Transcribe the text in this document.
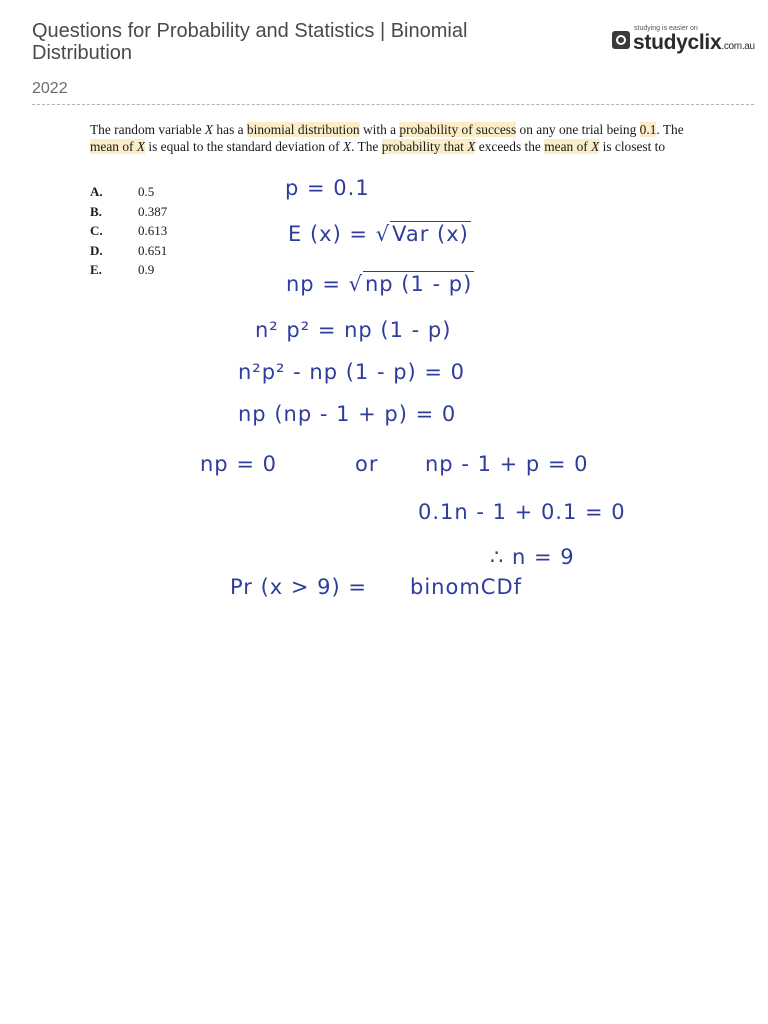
Questions for Probability and Statistics | Binomial Distribution
studying is easier on
studyclix.com.au
2022
The random variable X has a binomial distribution with a probability of success on any one trial being 0.1. The mean of X is equal to the standard deviation of X. The probability that X exceeds the mean of X is closest to
A.	0.5
B.	0.387
C.	0.613
D.	0.651
E.	0.9
p = 0.1
E (x) = √Var (x)
np = √np (1 - p)
n² p² = np (1 - p)
n²p² - np (1 - p) = 0
np (np - 1 + p) = 0
np = 0	or np - 1 + p = 0
0.1n - 1 + 0.1 = 0
∴ n = 9
Pr (x > 9) = binomCDf
